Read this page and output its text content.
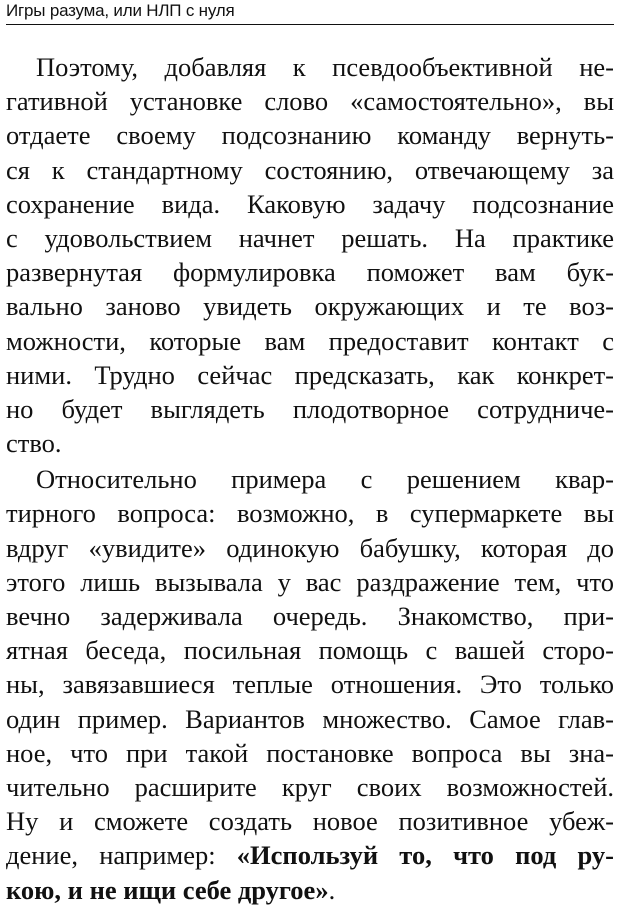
Игры разума, или НЛП с нуля
Поэтому, добавляя к псевдообъективной не-
гативной установке слово «самостоятельно», вы
отдаете своему подсознанию команду вернуть-
ся к стандартному состоянию, отвечающему за
сохранение вида. Каковую задачу подсознание
с удовольствием начнет решать. На практике
развернутая формулировка поможет вам бук-
вально заново увидеть окружающих и те воз-
можности, которые вам предоставит контакт с
ними. Трудно сейчас предсказать, как конкрет-
но будет выглядеть плодотворное сотрудниче-
ство.
Относительно примера с решением квар-
тирного вопроса: возможно, в супермаркете вы
вдруг «увидите» одинокую бабушку, которая до
этого лишь вызывала у вас раздражение тем, что
вечно задерживала очередь. Знакомство, при-
ятная беседа, посильная помощь с вашей сторо-
ны, завязавшиеся теплые отношения. Это только
один пример. Вариантов множество. Самое глав-
ное, что при такой постановке вопроса вы зна-
чительно расширите круг своих возможностей.
Ну и сможете создать новое позитивное убеж-
дение, например: «Используй то, что под ру-
кою, и не ищи себе другое».
